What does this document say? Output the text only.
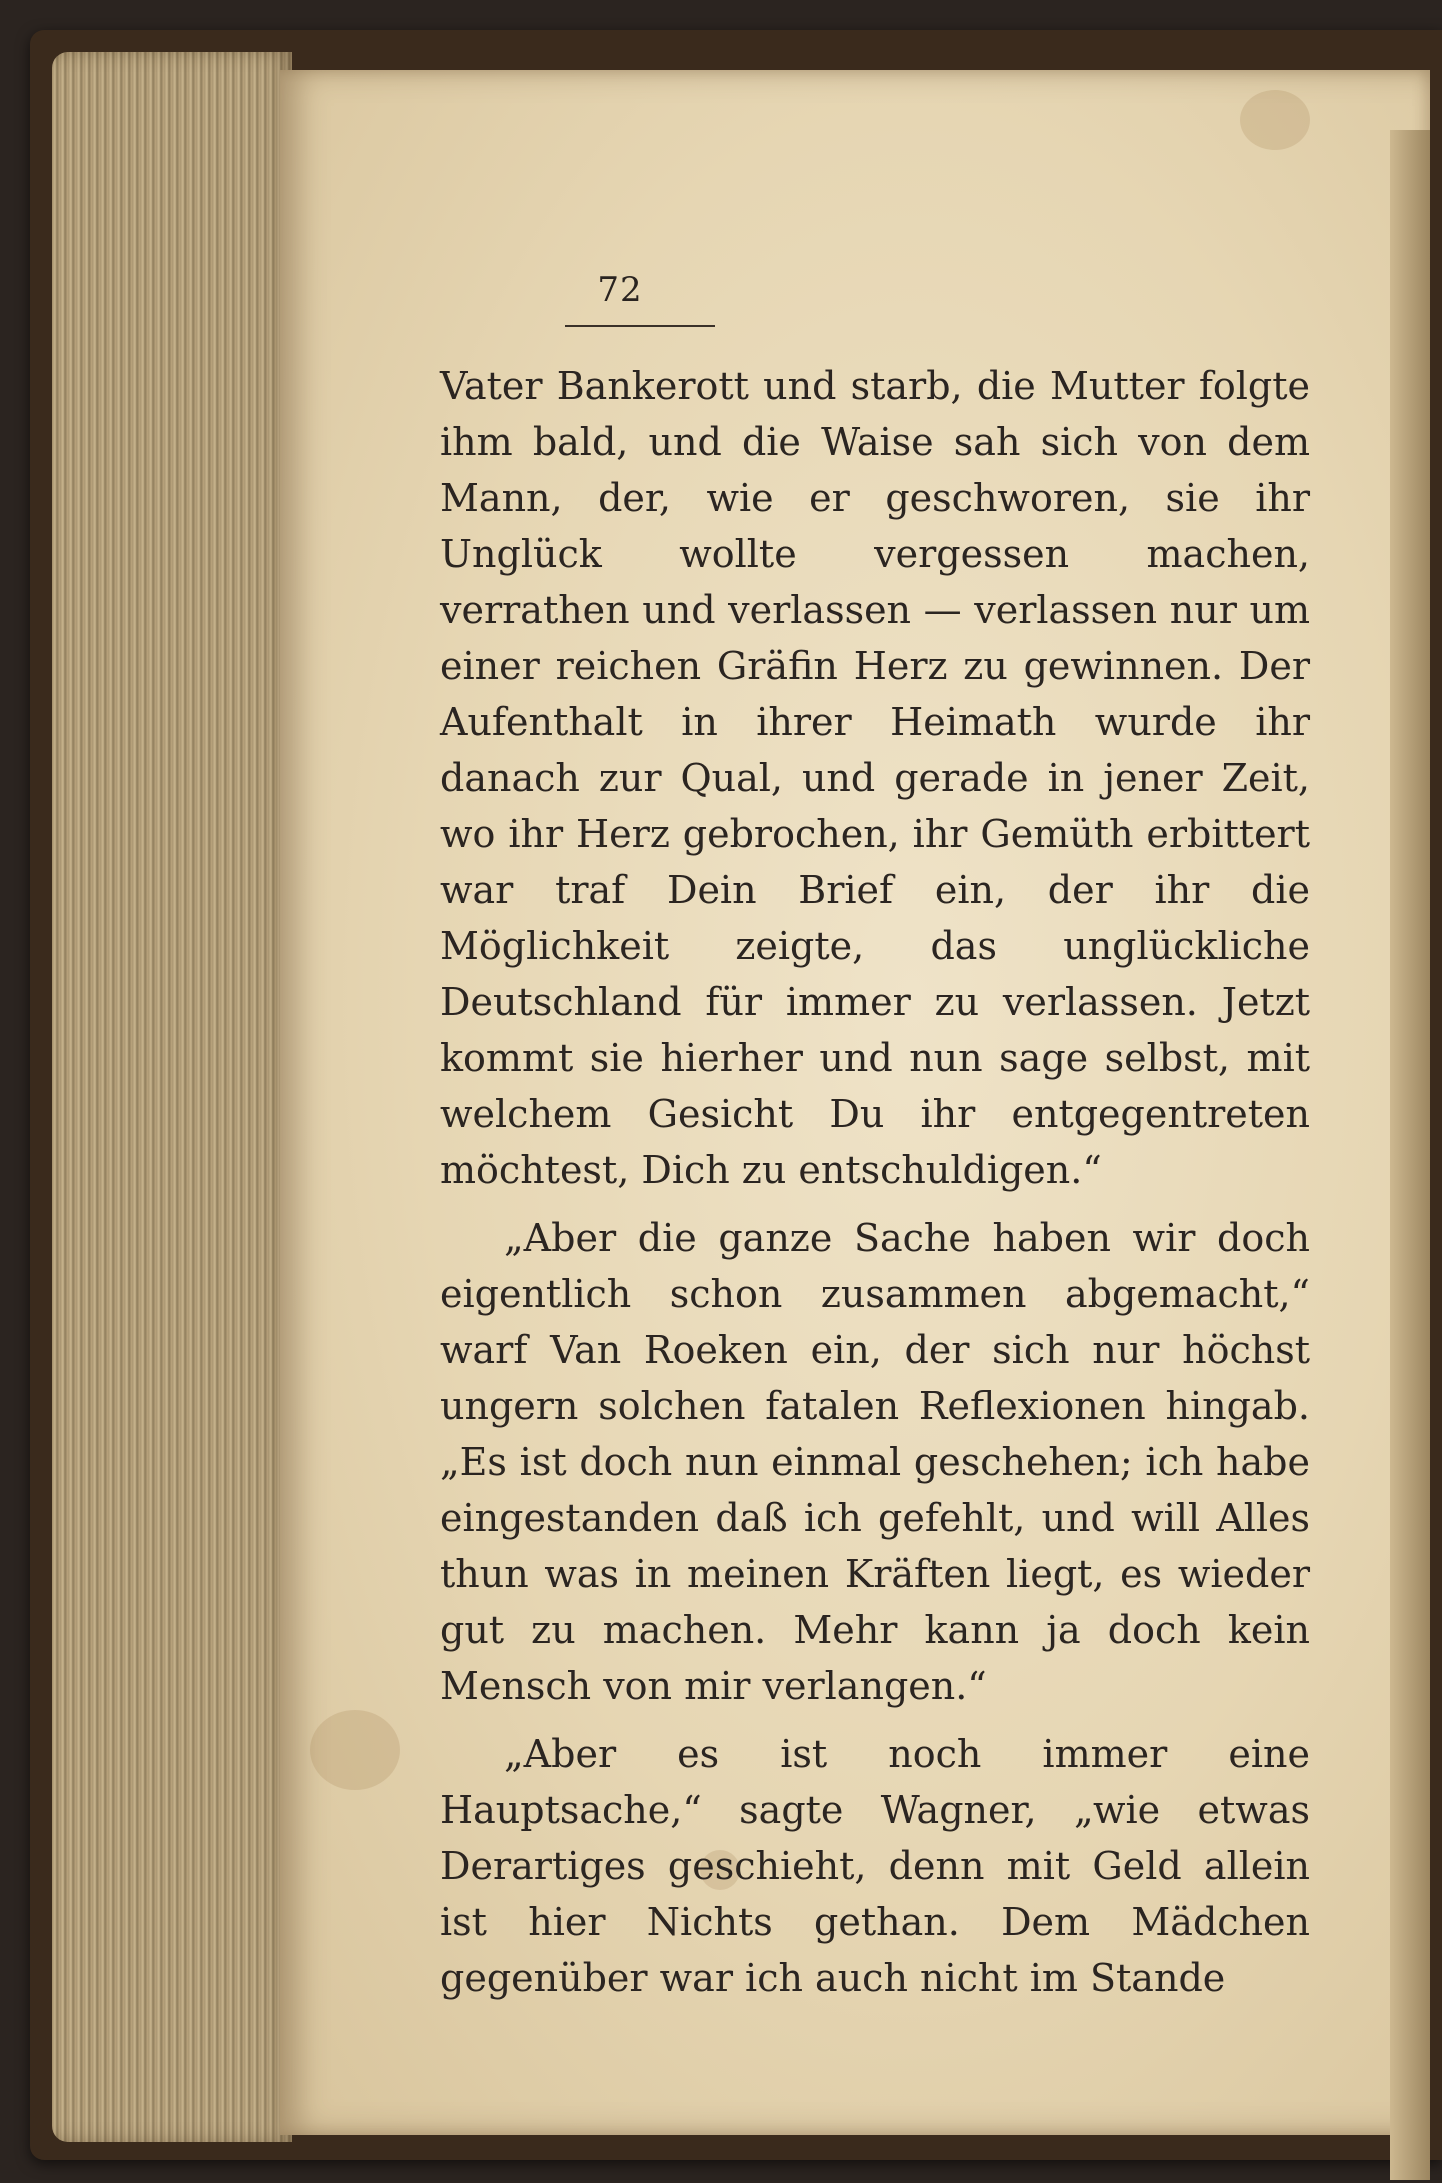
72

Vater Bankerott und starb, die Mutter folgte ihm bald, und die Waise sah sich von dem Mann, der, wie er geschworen, sie ihr Unglück wollte vergessen machen, verrathen und verlassen — verlassen nur um einer reichen Gräfin Herz zu gewinnen. Der Aufenthalt in ihrer Heimath wurde ihr danach zur Qual, und gerade in jener Zeit, wo ihr Herz gebrochen, ihr Gemüth erbittert war traf Dein Brief ein, der ihr die Möglichkeit zeigte, das unglückliche Deutschland für immer zu verlassen. Jetzt kommt sie hierher und nun sage selbst, mit welchem Gesicht Du ihr entgegentreten möchtest, Dich zu entschuldigen.“

„Aber die ganze Sache haben wir doch eigentlich schon zusammen abgemacht,“ warf Van Roeken ein, der sich nur höchst ungern solchen fatalen Reflexionen hingab. „Es ist doch nun einmal geschehen; ich habe eingestanden daß ich gefehlt, und will Alles thun was in meinen Kräften liegt, es wieder gut zu machen. Mehr kann ja doch kein Mensch von mir verlangen.“

„Aber es ist noch immer eine Hauptsache,“ sagte Wagner, „wie etwas Derartiges geschieht, denn mit Geld allein ist hier Nichts gethan. Dem Mädchen gegenüber war ich auch nicht im Stande
